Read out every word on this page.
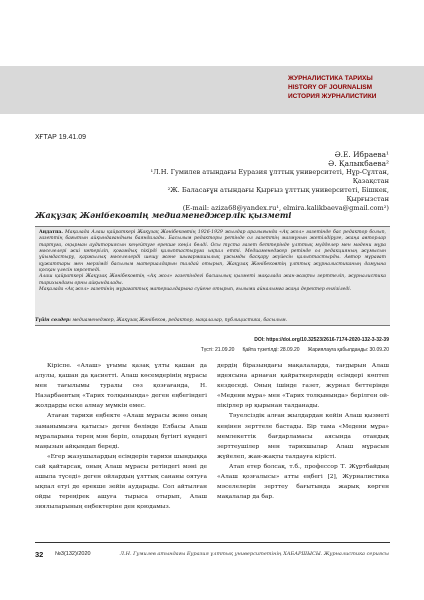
ЖУРНАЛИСТИКА ТАРИХЫ
HISTORY OF JOURNALISM
ИСТОРИЯ ЖУРНАЛИСТИКИ
ХҒТАР 19.41.09
Ә.Е. Ибраева¹
Ә. Қалыкбаева²
¹Л.Н. Гумилев атындағы Еуразия ұлттық университеті, Нұр-Сұлтан, Қазақстан
²Ж. Баласағұн атындағы Қырғыз ұлттық университеті, Бішкек, Қырғызстан
(E-mail: aziza68@yandex.ru¹, elmira.kalikbaeva@gmail.com²)
Жақұзақ Жәнібековтің медиаменеджерлік қызметі
Аңдатпа. Мақалада Алаш қайраткері Жақұзақ Жәнібековтің 1926-1929 жылдар аралығында «Ақ жол» газетінде бас редактор болып, газеттің бағытын айқындағандығы баяндалады. Басылым редакторы ретінде ол газеттің мазмұнын жетілдіруге, жаңа авторлар тартуға, оқырман аудиториясын кеңейтуге ерекше көңіл бөлді. Осы тұста газет беттерінде ұлттық мүдделер мен мәдени мұра мәселелері жиі көтеріліп, қоғамдық пікірді қалыптастыруға ықпал етті. Медиаменеджер ретінде ол редакцияның жұмысын ұйымдастыру, қаржылық мәселелерді шешу және шығармашылық ұжымды басқару жүйесін қалыптастырды. Автор мұрағат құжаттары мен мерзімді басылым материалдарын талдай отырып, Жақұзақ Жәнібековтің ұлттық журналистиканың дамуына қосқан үлесін көрсетеді.
Алаш қайраткері Жақұзақ Жәнібековтің «Ақ жол» газетіндегі басшылық қызметі мақалада жан-жақты зерттеліп, журналистика тарихындағы орны айқындалады.
Мақалада «Ақ жол» газетінің мұрағаттық материалдарына сүйене отырып, ғылыми айналымға жаңа деректер енгізіледі.
Түйін сөздер: медиаменеджер, Жақұзақ Жәнібеков, редактор, мақалалар, публицистика, басылым.
DOI: https://doi.org/10.32523/2616-7174-2020-132-3-32-39
Түсті: 21.09.20 Қайта түзетілді: 28.09.20 Жариялауға қабылданды: 30.09.20
Кіріспе. «Алаш» ұғымы қазақ ұлты қашан да алулы, қашан да қасиетті. Алаш көсемдерінің мұрасы мен тағылымы туралы сөз қозғағанда, Н. Назарбаевтың «Тарих толқынында» деген еңбегіндегі жолдарды еске алмау мүмкін емес.
Атаған тарихи еңбекте «Алаш мұрасы және оның заманымызға қатысы» деген бөлімде Елбасы Алаш мұраларына терең мән беріп, олардың бүгінгі күндегі маңызын айқындап береді.
«Егер жазушылардың есімдерін тарихи шындыққа сай қайтарсақ, оның Алаш мұрасы ретіндегі мәні де ашыла түседі» деген ойлардың ұлттық сананы оятуға ықпал етуі де ерекше зейін аударады. Сол айтылған ойды тереңірек ашуға тырыса отырып, Алаш зиялыларының еңбектеріне ден қоюдамыз.
дердің біразындағы мақалаларда, тағдырын Алаш идеясына арнаған қайраткерлердің есімдері көптеп кездеседі. Оның ішінде газет, журнал беттерінде «Медени мұра» мен «Тарих толқынында» берілген ой-пікірлер әр қырынан талданады.
Тәуелсіздік алған жылдардан кейін Алаш қызметі кеңінен зерттеле бастады. Бір тама «Медени мұра» мемлекеттік бағдарламасы аясында отандық зерттеушілер мен тарихшылар Алаш мұрасын жүйелеп, жан-жақты талдауға кірісті.
Атап етер болсақ, т.б., профессор Т. Жұртбайдың «Алаш қозғалысы» атты еңбегі [2], Журналистика мәселелерін зерттеу бағытында жарық көрген мақалалар да бар.
32 №3(132)/2020	Л.Н. Гумилев атындағы Еуразия ұлттық университетінің ХАБАРШЫСЫ. Журналистика сериясы
